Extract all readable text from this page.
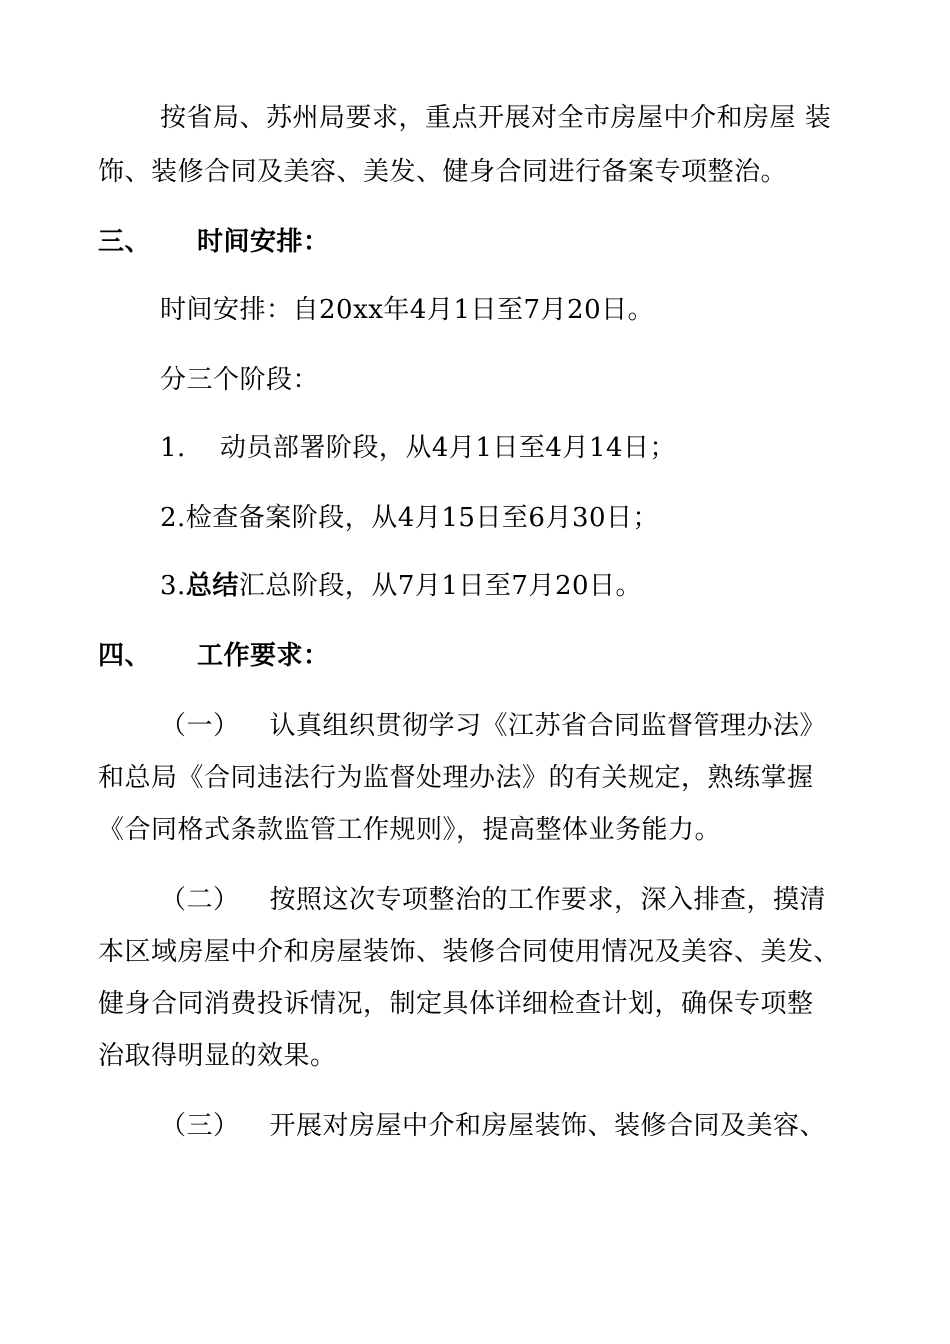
按省局、苏州局要求，重点开展对全市房屋中介和房屋 装
饰、装修合同及美容、美发、健身合同进行备案专项整治。
三、 时间安排：
时间安排：自20xx年4月1日至7月20日。
分三个阶段：
1. 动员部署阶段，从4月1日至4月14日；
2.检查备案阶段，从4月15日至6月30日；
3.总结汇总阶段，从7月1日至7月20日。
四、 工作要求：
（一） 认真组织贯彻学习《江苏省合同监督管理办法》
和总局《合同违法行为监督处理办法》的有关规定，熟练掌握
《合同格式条款监管工作规则》，提高整体业务能力。
（二） 按照这次专项整治的工作要求，深入排查，摸清
本区域房屋中介和房屋装饰、装修合同使用情况及美容、美发、
健身合同消费投诉情况，制定具体详细检查计划，确保专项整
治取得明显的效果。
（三） 开展对房屋中介和房屋装饰、装修合同及美容、
